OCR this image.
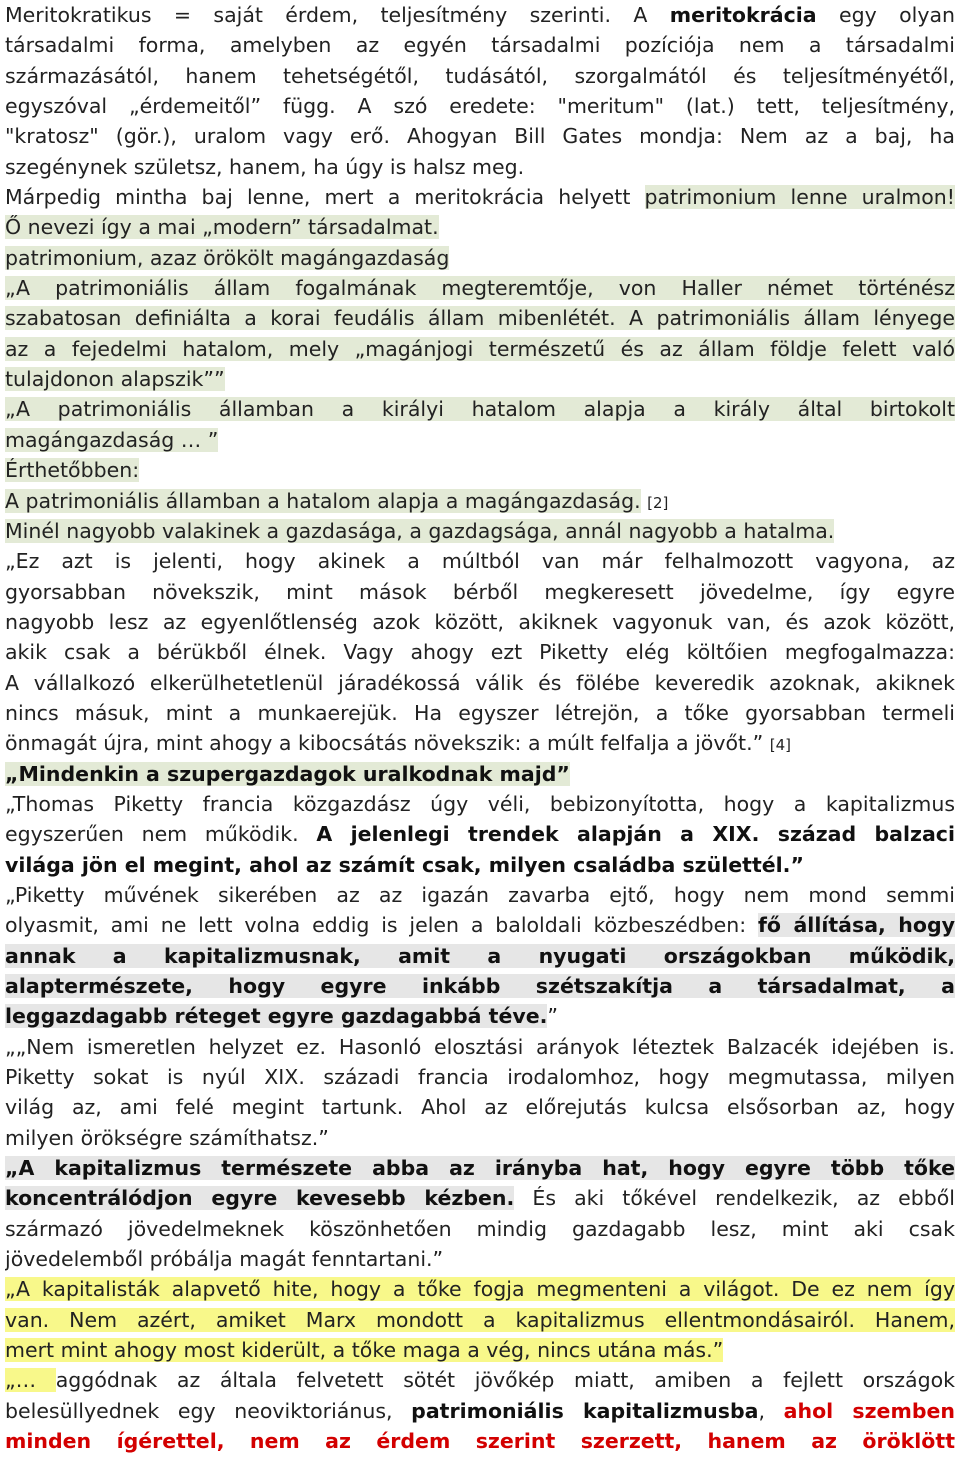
Meritokratikus = saját érdem, teljesítmény szerinti. A meritokrácia egy olyan
társadalmi forma, amelyben az egyén társadalmi pozíciója nem a társadalmi
származásától, hanem tehetségétől, tudásától, szorgalmától és teljesítményétől,
egyszóval „érdemeitől” függ. A szó eredete: "meritum" (lat.) tett, teljesítmény,
"kratosz" (gör.), uralom vagy erő. Ahogyan Bill Gates mondja: Nem az a baj, ha
szegénynek születsz, hanem, ha úgy is halsz meg.
Márpedig mintha baj lenne, mert a meritokrácia helyett patrimonium lenne uralmon!
Ő nevezi így a mai „modern” társadalmat.
patrimonium, azaz örökölt magángazdaság
„A patrimoniális állam fogalmának megteremtője, von Haller német történész
szabatosan definiálta a korai feudális állam mibenlétét. A patrimoniális állam lényege
az a fejedelmi hatalom, mely „magánjogi természetű és az állam földje felett való
tulajdonon alapszik””
„A patrimoniális államban a királyi hatalom alapja a király által birtokolt
magángazdaság … ”
Érthetőbben:
A patrimoniális államban a hatalom alapja a magángazdaság. [2]
Minél nagyobb valakinek a gazdasága, a gazdagsága, annál nagyobb a hatalma.
„Ez azt is jelenti, hogy akinek a múltból van már felhalmozott vagyona, az
gyorsabban növekszik, mint mások bérből megkeresett jövedelme, így egyre
nagyobb lesz az egyenlőtlenség azok között, akiknek vagyonuk van, és azok között,
akik csak a bérükből élnek. Vagy ahogy ezt Piketty elég költőien megfogalmazza:
A vállalkozó elkerülhetetlenül járadékossá válik és fölébe keveredik azoknak, akiknek
nincs másuk, mint a munkaerejük. Ha egyszer létrejön, a tőke gyorsabban termeli
önmagát újra, mint ahogy a kibocsátás növekszik: a múlt felfalja a jövőt.” [4]
„Mindenkin a szupergazdagok uralkodnak majd”
„Thomas Piketty francia közgazdász úgy véli, bebizonyította, hogy a kapitalizmus
egyszerűen nem működik. A jelenlegi trendek alapján a XIX. század balzaci
világa jön el megint, ahol az számít csak, milyen családba születtél.”
„Piketty művének sikerében az az igazán zavarba ejtő, hogy nem mond semmi
olyasmit, ami ne lett volna eddig is jelen a baloldali közbeszédben: fő állítása, hogy
annak a kapitalizmusnak, amit a nyugati országokban működik,
alaptermészete, hogy egyre inkább szétszakítja a társadalmat, a
leggazdagabb réteget egyre gazdagabbá téve.”
„„Nem ismeretlen helyzet ez. Hasonló elosztási arányok léteztek Balzacék idejében is.
Piketty sokat is nyúl XIX. századi francia irodalomhoz, hogy megmutassa, milyen
világ az, ami felé megint tartunk. Ahol az előrejutás kulcsa elsősorban az, hogy
milyen örökségre számíthatsz.”
„A kapitalizmus természete abba az irányba hat, hogy egyre több tőke
koncentrálódjon egyre kevesebb kézben. És aki tőkével rendelkezik, az ebből
származó jövedelmeknek köszönhetően mindig gazdagabb lesz, mint aki csak
jövedelemből próbálja magát fenntartani.”
„A kapitalisták alapvető hite, hogy a tőke fogja megmenteni a világot. De ez nem így
van. Nem azért, amiket Marx mondott a kapitalizmus ellentmondásairól. Hanem,
mert mint ahogy most kiderült, a tőke maga a vég, nincs utána más.”
„… aggódnak az általa felvetett sötét jövőkép miatt, amiben a fejlett országok
belesüllyednek egy neoviktoriánus, patrimoniális kapitalizmusba, ahol szemben
minden ígérettel, nem az érdem szerint szerzett, hanem az öröklött
